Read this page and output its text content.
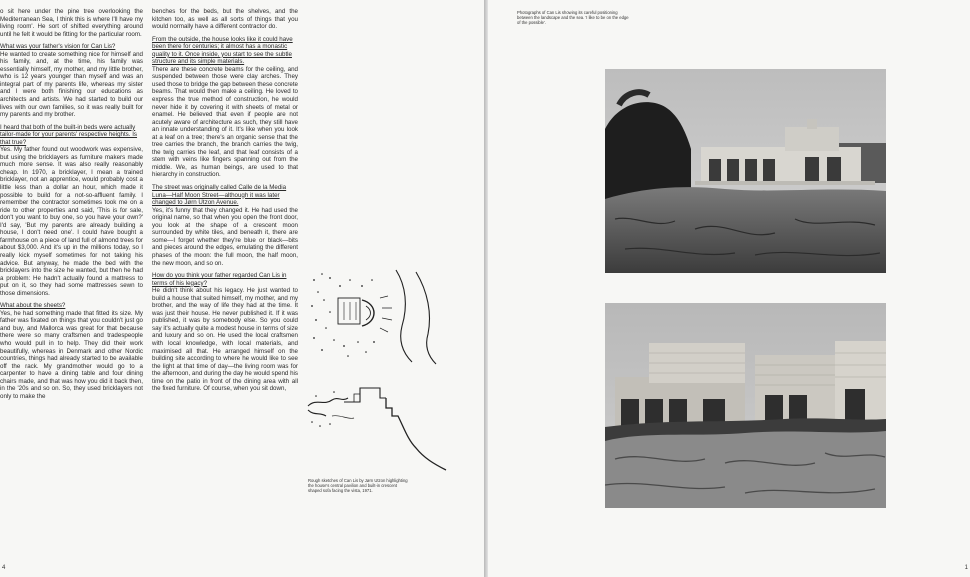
o sit here under the pine tree overlooking the Mediterranean Sea, I think this is where I'll have my living room'. He sort of shifted everything around until he felt it would be fitting for the particular room.

What was your father's vision for Can Lis?
He wanted to create something nice for himself and his family, and, at the time, his family was essentially himself, my mother, and my little brother, who is 12 years younger than myself and was an integral part of my parents life, whereas my sister and I were both finishing our educations as architects and artists. We had started to build our lives with our own families, so it was really built for my parents and my brother.

I heard that both of the built-in beds were actually tailor-made for your parents' respective heights. Is that true?
Yes. My father found out woodwork was expensive, but using the bricklayers as furniture makers made much more sense. It was also really reasonably cheap. In 1970, a bricklayer, I mean a trained bricklayer, not an apprentice, would probably cost a little less than a dollar an hour, which made it possible to build for a not-so-affluent family. I remember the contractor sometimes took me on a ride to other properties and said, 'This is for sale, don't you want to buy one, so you have your own?' I'd say, 'But my parents are already building a house, I don't need one'. I could have bought a farmhouse on a piece of land full of almond trees for about $3,000. And it's up in the millions today, so I really kick myself sometimes for not taking his advice. But anyway, he made the bed with the bricklayers into the size he wanted, but then he had a problem: He hadn't actually found a mattress to put on it, so they had some mattresses sewn to those dimensions.

What about the sheets?
Yes, he had something made that fitted its size. My father was fixated on things that you couldn't just go and buy, and Mallorca was great for that because there were so many craftsmen and tradespeople who would pull in to help. They did their work beautifully, whereas in Denmark and other Nordic countries, things had already started to be available off the rack. My grandmother would go to a carpenter to have a dining table and four dining chairs made, and that was how you did it back then, in the '20s and so on. So, they used bricklayers not only to make the

benches for the beds, but the shelves, and the kitchen too, as well as all sorts of things that you would normally have a different contractor do.

From the outside, the house looks like it could have been there for centuries; it almost has a monastic quality to it. Once inside, you start to see the subtle structure and its simple materials.
There are these concrete beams for the ceiling, and suspended between those were clay arches. They used those to bridge the gap between these concrete beams. That would then make a ceiling. He loved to express the true method of construction, he would never hide it by covering it with sheets of metal or enamel. He believed that even if people are not acutely aware of architecture as such, they still have an innate understanding of it. It's like when you look at a leaf on a tree; there's an organic sense that the tree carries the branch, the branch carries the twig, the twig carries the leaf, and that leaf consists of a stem with veins like fingers spanning out from the middle. We, as human beings, are used to that hierarchy in construction.

The street was originally called Calle de la Media Luna—Half Moon Street—although it was later changed to Jørn Utzon Avenue.
Yes, it's funny that they changed it. He had used the original name, so that when you open the front door, you look at the shape of a crescent moon surrounded by white tiles, and beneath it, there are some—I forget whether they're blue or black—bits and pieces around the edges, emulating the different phases of the moon: the full moon, the half moon, the new moon, and so on.

How do you think your father regarded Can Lis in terms of his legacy?
He didn't think about his legacy. He just wanted to build a house that suited himself, my mother, and my brother, and the way of life they had at the time. It was just their house. He never published it. If it was published, it was by somebody else. So you could say it's actually quite a modest house in terms of size and luxury and so on. He used the local craftsmen with local knowledge, with local materials, and maximised all that. He arranged himself on the building site according to where he would like to see the light at that time of day—the living room was for the afternoon, and during the day he would spend his time on the patio in front of the dining area with all the fixed furniture. Of course, when you sit down,

Rough sketches of Can Lis by Jørn Utzon highlighting the house's central pavilion and built-in crescent shaped sofa facing the vista, 1971.
4
Photographs of Can Lis showing its careful positioning between the landscape and the sea. 'I like to be on the edge of the possible'.
1
